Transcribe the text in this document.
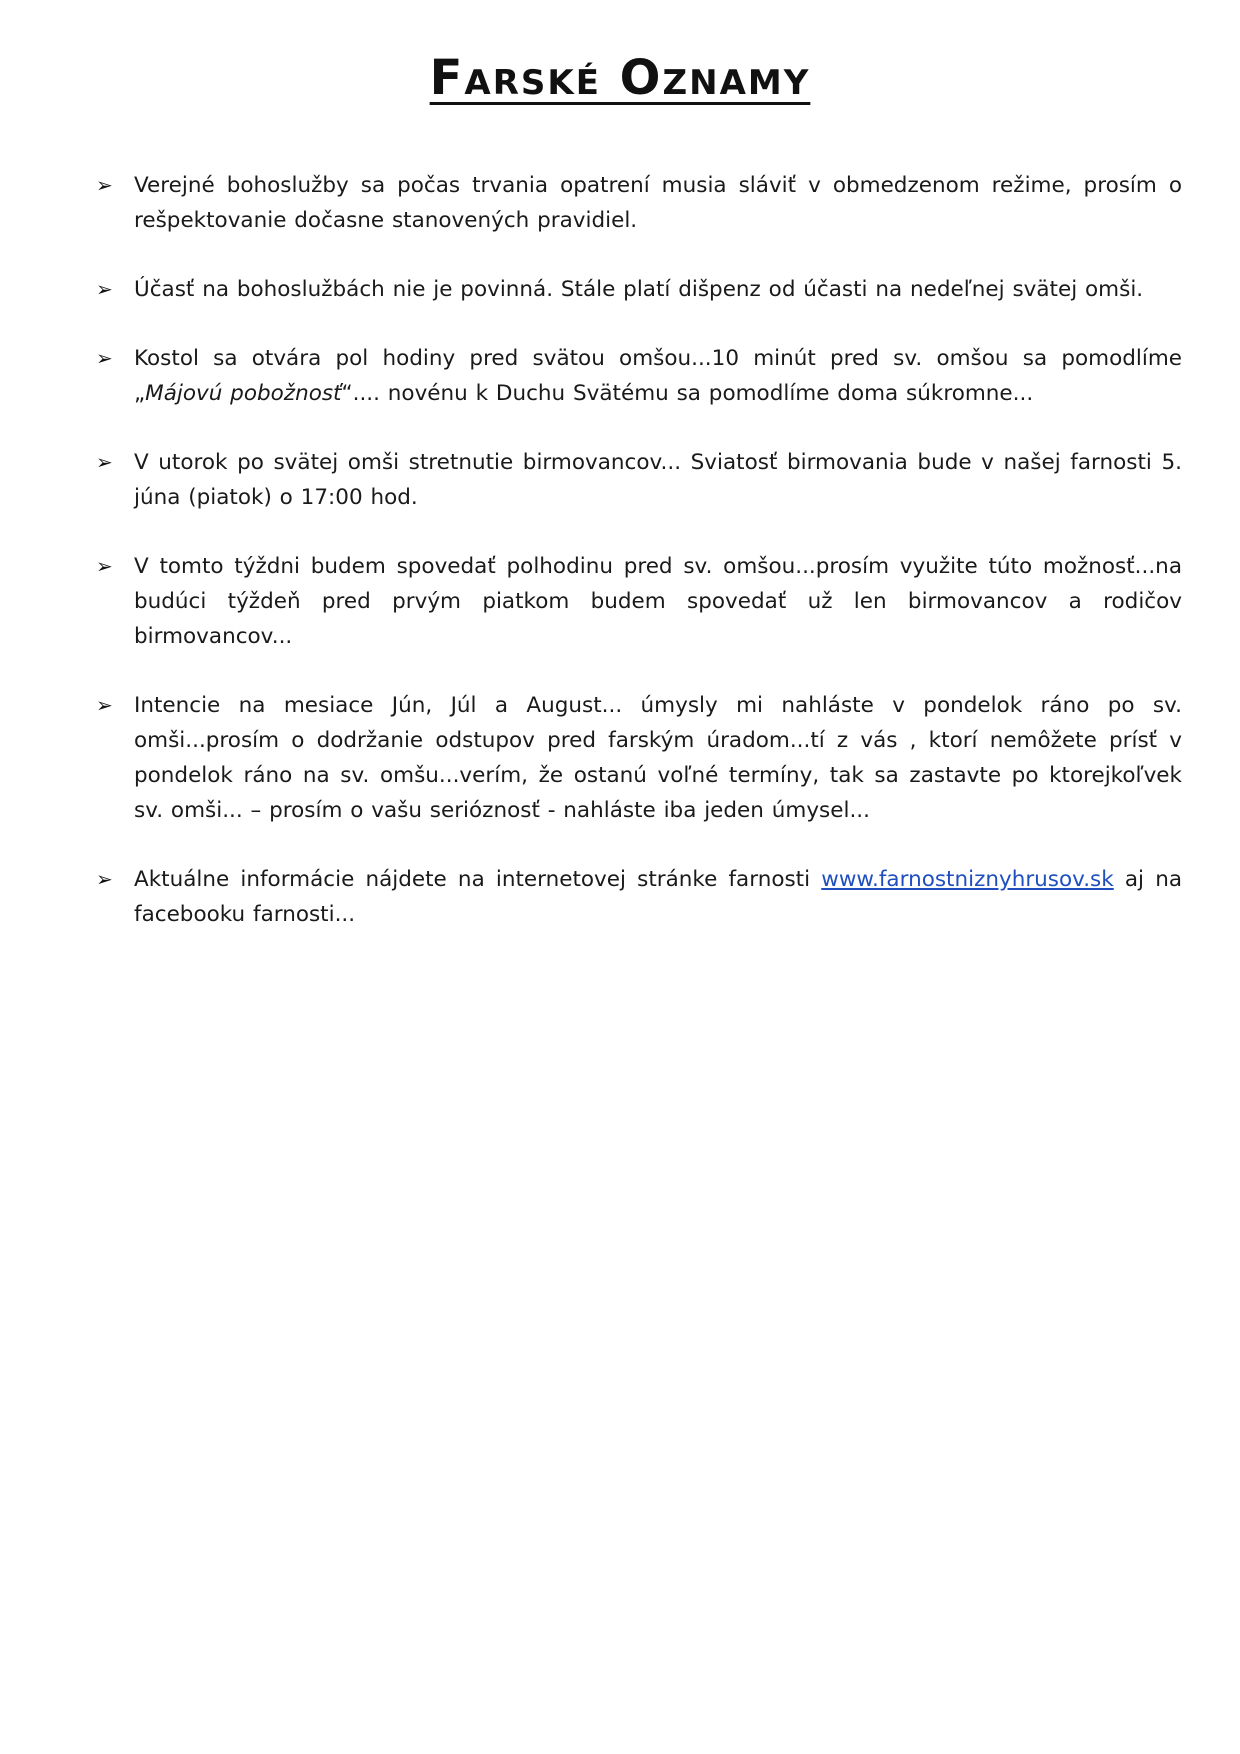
Farské Oznamy
➢ Verejné bohoslužby sa počas trvania opatrení musia sláviť v obmedzenom režime, prosím o rešpektovanie dočasne stanovených pravidiel.
➢ Účasť na bohoslužbách nie je povinná. Stále platí dišpenz od účasti na nedeľnej svätej omši.
➢ Kostol sa otvára pol hodiny pred svätou omšou...10 minút pred sv. omšou sa pomodlíme „Májovú pobožnosť“.... novénu k Duchu Svätému sa pomodlíme doma súkromne...
➢ V utorok po svätej omši stretnutie birmovancov... Sviatosť birmovania bude v našej farnosti 5. júna (piatok) o 17:00 hod.
➢ V tomto týždni budem spovedať polhodinu pred sv. omšou...prosím využite túto možnosť...na budúci týždeň pred prvým piatkom budem spovedať už len birmovancov a rodičov birmovancov...
➢ Intencie na mesiace Jún, Júl a August... úmysly mi nahláste v pondelok ráno po sv. omši...prosím o dodržanie odstupov pred farským úradom...tí z vás , ktorí nemôžete prísť v pondelok ráno na sv. omšu...verím, že ostanú voľné termíny, tak sa zastavte po ktorejkoľvek sv. omši... – prosím o vašu serióznosť - nahláste iba jeden úmysel...
➢ Aktuálne informácie nájdete na internetovej stránke farnosti www.farnostniznyhrusov.sk aj na facebooku farnosti...
